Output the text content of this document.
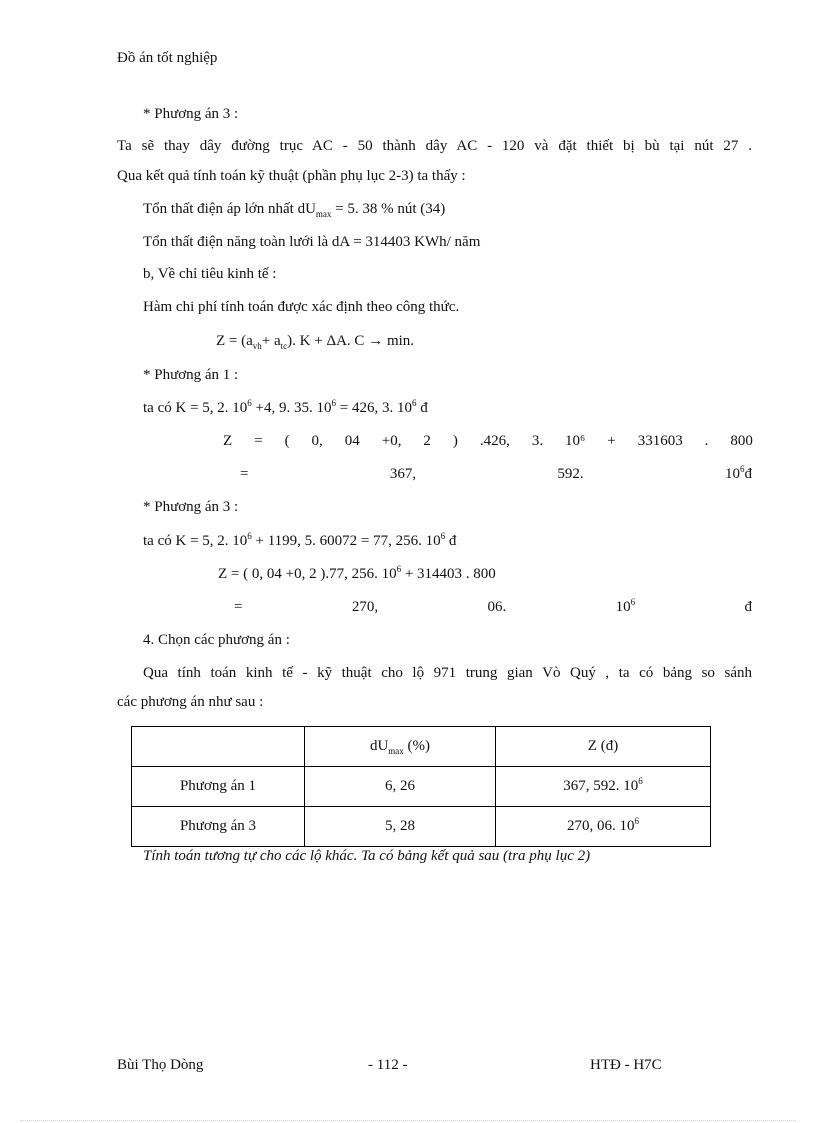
Đồ án tốt nghiệp
* Phương án 3 :
Ta sẽ thay dây đường trục AC - 50 thành dây AC - 120 và đặt thiết bị bù tại nút 27 .
Qua kết quả tính toán kỹ thuật (phần phụ lục 2-3) ta thấy :
Tổn thất điện áp lớn nhất $dU_{max} = 5$. 38 % nút (34)
Tổn thất điện năng toàn lưới là dA = 314403 KWh/ năm
b, Về chỉ tiêu kinh tế :
Hàm chi phí tính toán được xác định theo công thức.
$Z = (a_{vh}+ a_{tc})$. K + ΔA. C → min.
* Phương án 1 :
ta có K = 5, 2. $10^6 +4$, 9. 35. $10^6 = 426$, 3. $10^6$ đ
Z = ( 0, 04 +0, 2 ) .426, 3. 10⁶ + 331603 . 800
=	367,	592.	$10^6đ$
* Phương án 3 :
ta có K = 5, 2. $10^6 + 1199$, 5. 60072 = 77, 256. $10^6$ đ
Z = ( 0, 04 +0, 2 ).77, 256. $10^6 + 314403$ . 800
=	270,	06.	$10^6$	đ
4. Chọn các phương án :
Qua tính toán kinh tế - kỹ thuật cho lộ 971 trung gian Vò Quý , ta có bảng so sánh
các phương án như sau :
	$dU_{max}$ (%)	Z (đ)
Phương án 1	6, 26	367, 592. $10^6$
Phương án 3	5, 28	270, 06. $10^6$
Tính toán tương tự cho các lộ khác. Ta có bảng kết quả sau (tra phụ lục 2)
Bùi Thọ Dòng	- 112 -	HTĐ - H7C
